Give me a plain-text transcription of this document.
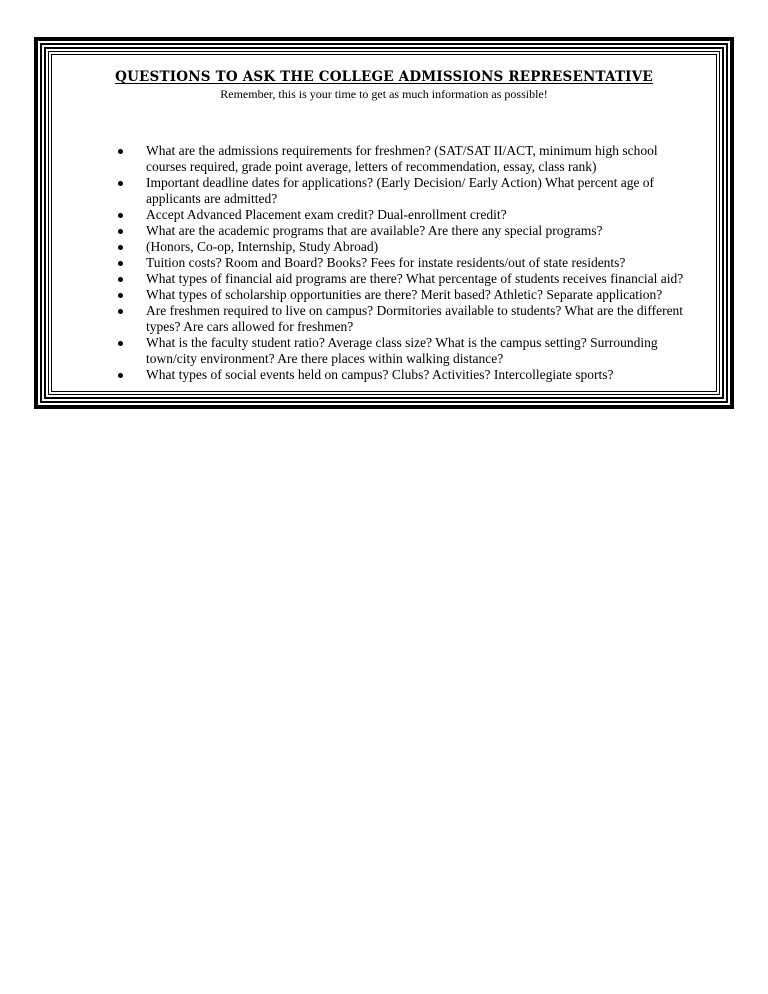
QUESTIONS TO ASK THE COLLEGE ADMISSIONS REPRESENTATIVE
Remember, this is your time to get as much information as possible!
What are the admissions requirements for freshmen? (SAT/SAT II/ACT, minimum high school courses required, grade point average, letters of recommendation, essay, class rank)
Important deadline dates for applications? (Early Decision/ Early Action) What percent age of applicants are admitted?
Accept Advanced Placement exam credit? Dual-enrollment credit?
What are the academic programs that are available? Are there any special programs?
(Honors, Co-op, Internship, Study Abroad)
Tuition costs? Room and Board? Books? Fees for instate residents/out of state residents?
What types of financial aid programs are there? What percentage of students receives financial aid?
What types of scholarship opportunities are there? Merit based? Athletic? Separate application?
Are freshmen required to live on campus? Dormitories available to students? What are the different types? Are cars allowed for freshmen?
What is the faculty student ratio? Average class size? What is the campus setting? Surrounding town/city environment? Are there places within walking distance?
What types of social events held on campus? Clubs? Activities? Intercollegiate sports?
